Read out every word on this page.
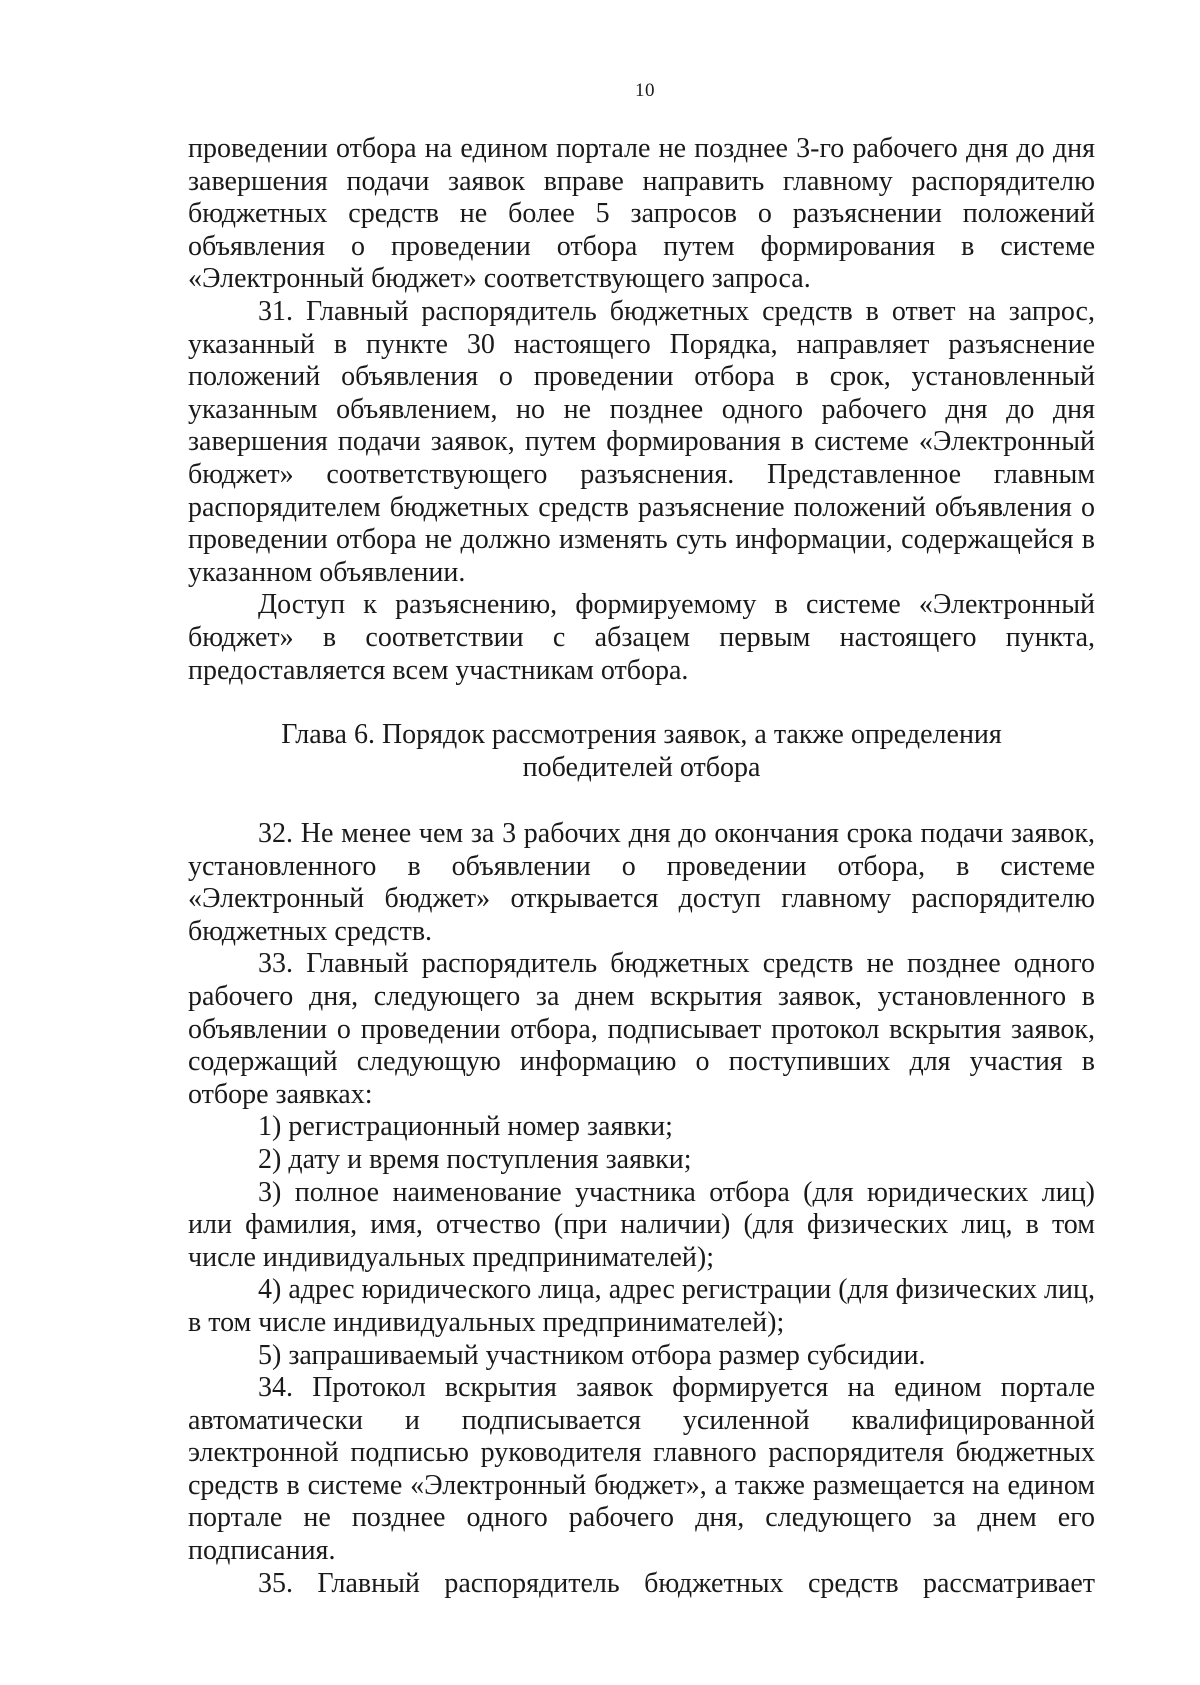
10

проведении отбора на едином портале не позднее 3-го рабочего дня до дня завершения подачи заявок вправе направить главному распорядителю бюджетных средств не более 5 запросов о разъяснении положений объявления о проведении отбора путем формирования в системе «Электронный бюджет» соответствующего запроса.

31. Главный распорядитель бюджетных средств в ответ на запрос, указанный в пункте 30 настоящего Порядка, направляет разъяснение положений объявления о проведении отбора в срок, установленный указанным объявлением, но не позднее одного рабочего дня до дня завершения подачи заявок, путем формирования в системе «Электронный бюджет» соответствующего разъяснения. Представленное главным распорядителем бюджетных средств разъяснение положений объявления о проведении отбора не должно изменять суть информации, содержащейся в указанном объявлении.

Доступ к разъяснению, формируемому в системе «Электронный бюджет» в соответствии с абзацем первым настоящего пункта, предоставляется всем участникам отбора.

Глава 6. Порядок рассмотрения заявок, а также определения
победителей отбора

32. Не менее чем за 3 рабочих дня до окончания срока подачи заявок, установленного в объявлении о проведении отбора, в системе «Электронный бюджет» открывается доступ главному распорядителю бюджетных средств.

33. Главный распорядитель бюджетных средств не позднее одного рабочего дня, следующего за днем вскрытия заявок, установленного в объявлении о проведении отбора, подписывает протокол вскрытия заявок, содержащий следующую информацию о поступивших для участия в отборе заявках:

1) регистрационный номер заявки;

2) дату и время поступления заявки;

3) полное наименование участника отбора (для юридических лиц) или фамилия, имя, отчество (при наличии) (для физических лиц, в том числе индивидуальных предпринимателей);

4) адрес юридического лица, адрес регистрации (для физических лиц, в том числе индивидуальных предпринимателей);

5) запрашиваемый участником отбора размер субсидии.

34. Протокол вскрытия заявок формируется на едином портале автоматически и подписывается усиленной квалифицированной электронной подписью руководителя главного распорядителя бюджетных средств в системе «Электронный бюджет», а также размещается на едином портале не позднее одного рабочего дня, следующего за днем его подписания.

35. Главный распорядитель бюджетных средств рассматривает
